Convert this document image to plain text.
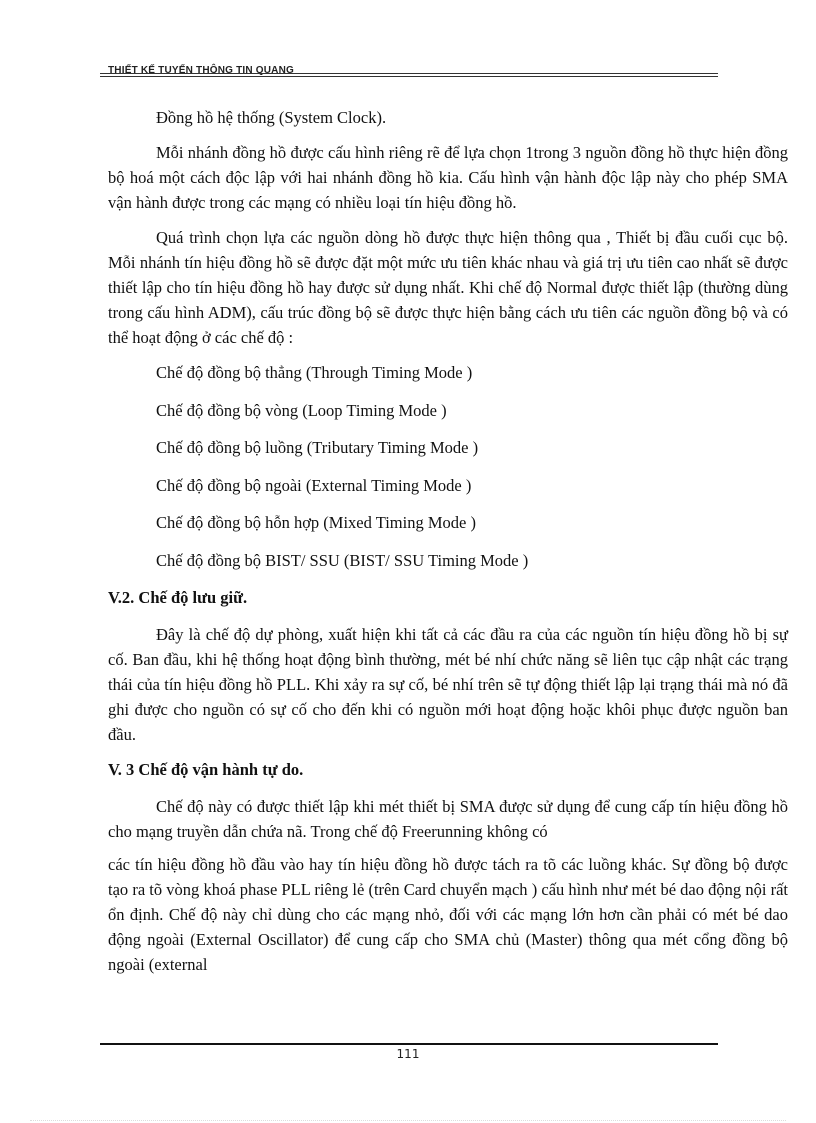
THIẾT KẾ TUYẾN THÔNG TIN QUANG

Đồng hồ hệ thống (System Clock).

Mỗi nhánh đồng hồ được cấu hình riêng rẽ để lựa chọn 1trong 3 nguồn đồng hồ thực hiện đồng bộ hoá một cách độc lập với hai nhánh đồng hồ kia. Cấu hình vận hành độc lập này cho phép SMA vận hành được trong các mạng có nhiều loại tín hiệu đồng hồ.

Quá trình chọn lựa các nguồn dòng hồ được thực hiện thông qua , Thiết bị đầu cuối cục bộ. Mỗi nhánh tín hiệu đồng hồ sẽ được đặt một mức ưu tiên khác nhau và giá trị ưu tiên cao nhất sẽ được thiết lập cho tín hiệu đồng hồ hay được sử dụng nhất. Khi chế độ Normal được thiết lập (thường dùng trong cấu hình ADM), cấu trúc đồng bộ sẽ được thực hiện bằng cách ưu tiên các nguồn đồng bộ và có thể hoạt động ở các chế độ :

Chế độ đồng bộ thẳng (Through Timing Mode )

Chế độ đồng bộ vòng (Loop Timing Mode )

Chế độ đồng bộ luồng (Tributary Timing Mode )

Chế độ đồng bộ ngoài (External Timing Mode )

Chế độ đồng bộ hỗn hợp (Mixed Timing Mode )

Chế độ đồng bộ BIST/ SSU (BIST/ SSU Timing Mode )

V.2. Chế độ lưu giữ.

Đây là chế độ dự phòng, xuất hiện khi tất cả các đầu ra của các nguồn tín hiệu đồng hồ bị sự cố. Ban đầu, khi hệ thống hoạt động bình thường, mét bé nhí chức năng sẽ liên tục cập nhật các trạng thái của tín hiệu đồng hồ PLL. Khi xảy ra sự cố, bé nhí trên sẽ tự động thiết lập lại trạng thái mà nó đã ghi được cho nguồn có sự cố cho đến khi có nguồn mới hoạt động hoặc khôi phục được nguồn ban đầu.

V. 3 Chế độ vận hành tự do.

Chế độ này có được thiết lập khi mét thiết bị SMA được sử dụng để cung cấp tín hiệu đồng hồ cho mạng truyền dẫn chứa nã. Trong chế độ Freerunning không có

các tín hiệu đồng hồ đầu vào hay tín hiệu đồng hồ được tách ra tõ các luồng khác. Sự đồng bộ được tạo ra tõ vòng khoá phase PLL riêng lẻ (trên Card chuyển mạch ) cấu hình như mét bé dao động nội rất ổn định. Chế độ này chỉ dùng cho các mạng nhỏ, đối với các mạng lớn hơn cần phải có mét bé dao động ngoài (External Oscillator) để cung cấp cho SMA chủ (Master) thông qua mét cổng đồng bộ ngoài (external

111
